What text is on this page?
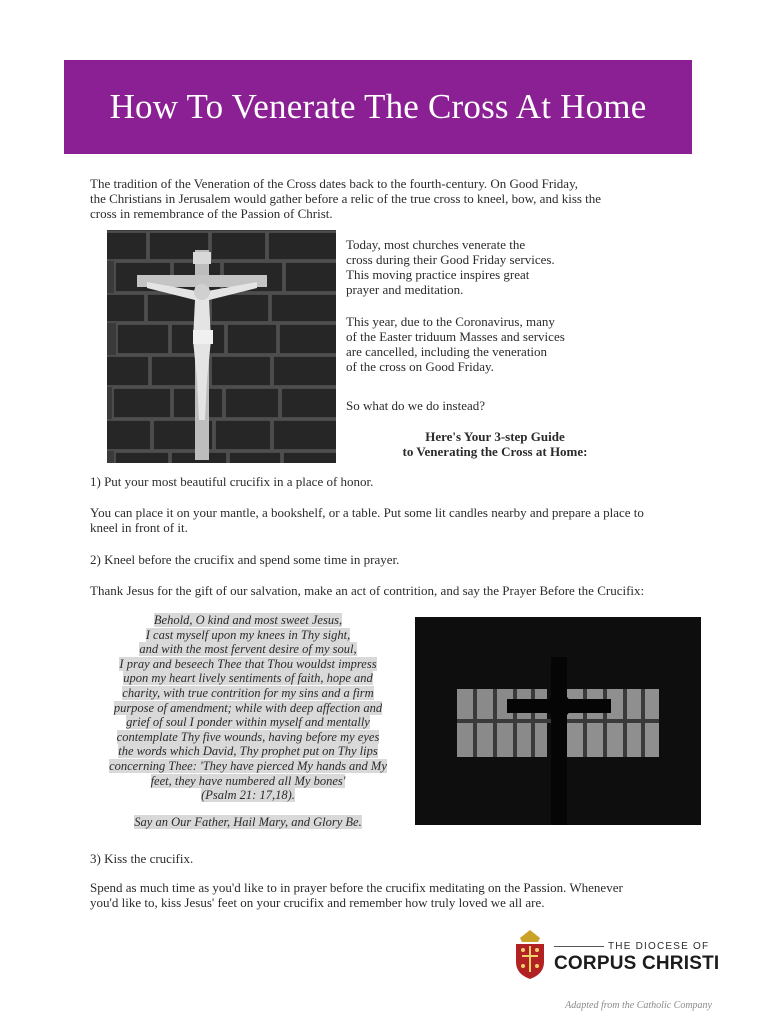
How To Venerate The Cross At Home

The tradition of the Veneration of the Cross dates back to the fourth-century. On Good Friday,
the Christians in Jerusalem would gather before a relic of the true cross to kneel, bow, and kiss the
cross in remembrance of the Passion of Christ.

Today, most churches venerate the
cross during their Good Friday services.
This moving practice inspires great
prayer and meditation.

This year, due to the Coronavirus, many
of the Easter triduum Masses and services
are cancelled, including the veneration
of the cross on Good Friday.

So what do we do instead?

Here's Your 3-step Guide
to Venerating the Cross at Home:

1) Put your most beautiful crucifix in a place of honor.

You can place it on your mantle, a bookshelf, or a table. Put some lit candles nearby and prepare a place to
kneel in front of it.

2) Kneel before the crucifix and spend some time in prayer.

Thank Jesus for the gift of our salvation, make an act of contrition, and say the Prayer Before the Crucifix:

Behold, O kind and most sweet Jesus,
I cast myself upon my knees in Thy sight,
and with the most fervent desire of my soul,
I pray and beseech Thee that Thou wouldst impress
upon my heart lively sentiments of faith, hope and
charity, with true contrition for my sins and a firm
purpose of amendment; while with deep affection and
grief of soul I ponder within myself and mentally
contemplate Thy five wounds, having before my eyes
the words which David, Thy prophet put on Thy lips
concerning Thee: 'They have pierced My hands and My
feet, they have numbered all My bones'
(Psalm 21: 17,18).
Say an Our Father, Hail Mary, and Glory Be.

3) Kiss the crucifix.

Spend as much time as you'd like to in prayer before the crucifix meditating on the Passion. Whenever
you'd like to, kiss Jesus' feet on your crucifix and remember how truly loved we all are.

THE DIOCESE OF
CORPUS CHRISTI
Adapted from the Catholic Company
